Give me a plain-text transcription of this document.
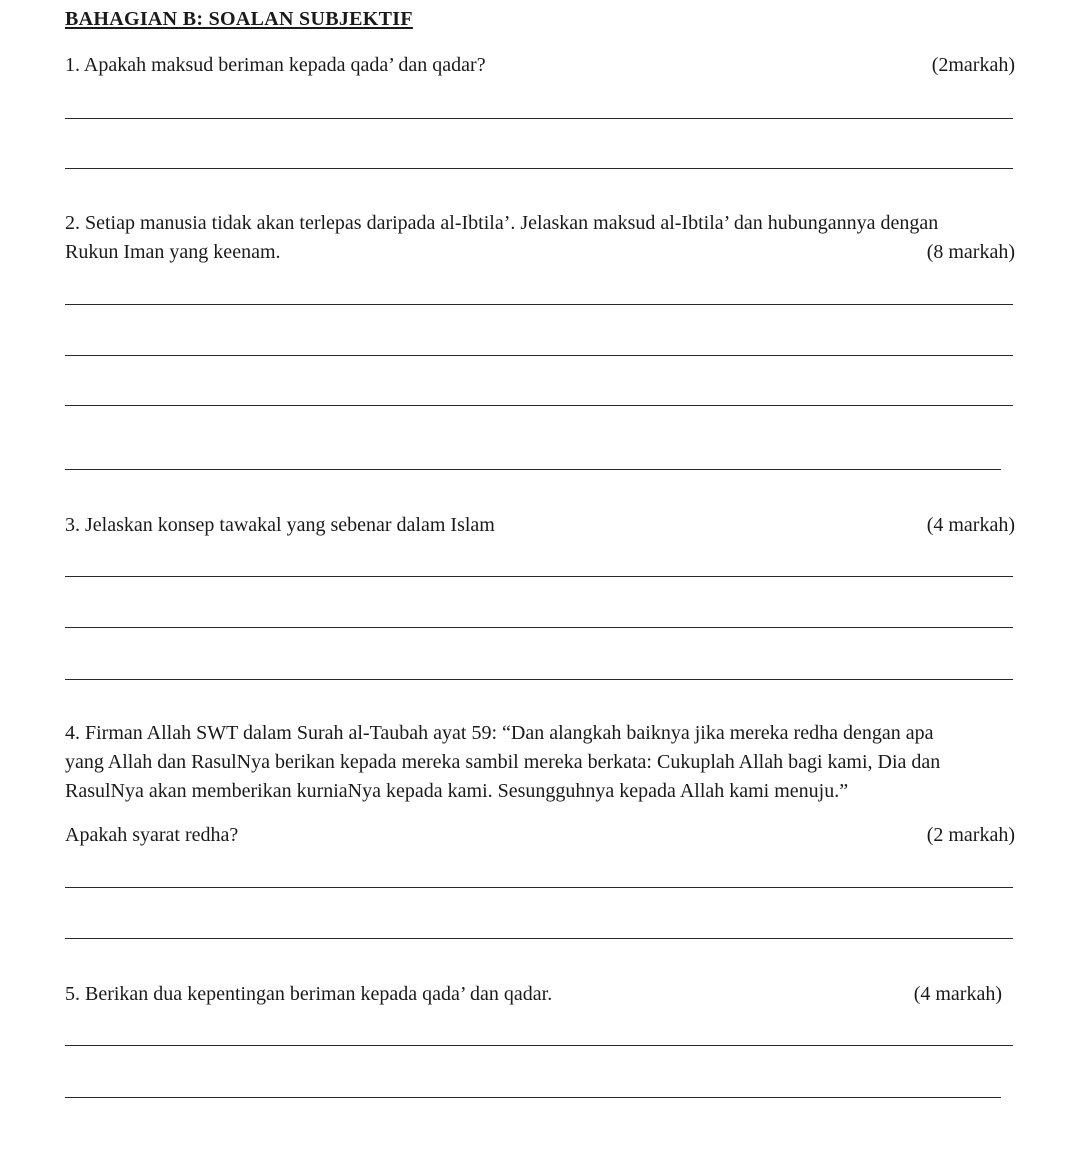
BAHAGIAN B: SOALAN SUBJEKTIF
1. Apakah maksud beriman kepada qada’ dan qadar?	(2markah)
2. Setiap manusia tidak akan terlepas daripada al-Ibtila’. Jelaskan maksud al-Ibtila’ dan hubungannya dengan
Rukun Iman yang keenam.	(8 markah)
3. Jelaskan konsep tawakal yang sebenar dalam Islam	(4 markah)
4. Firman Allah SWT dalam Surah al-Taubah ayat 59: “Dan alangkah baiknya jika mereka redha dengan apa
yang Allah dan RasulNya berikan kepada mereka sambil mereka berkata: Cukuplah Allah bagi kami, Dia dan
RasulNya akan memberikan kurniaNya kepada kami. Sesungguhnya kepada Allah kami menuju.”
Apakah syarat redha?	(2 markah)
5. Berikan dua kepentingan beriman kepada qada’ dan qadar.	(4 markah)
